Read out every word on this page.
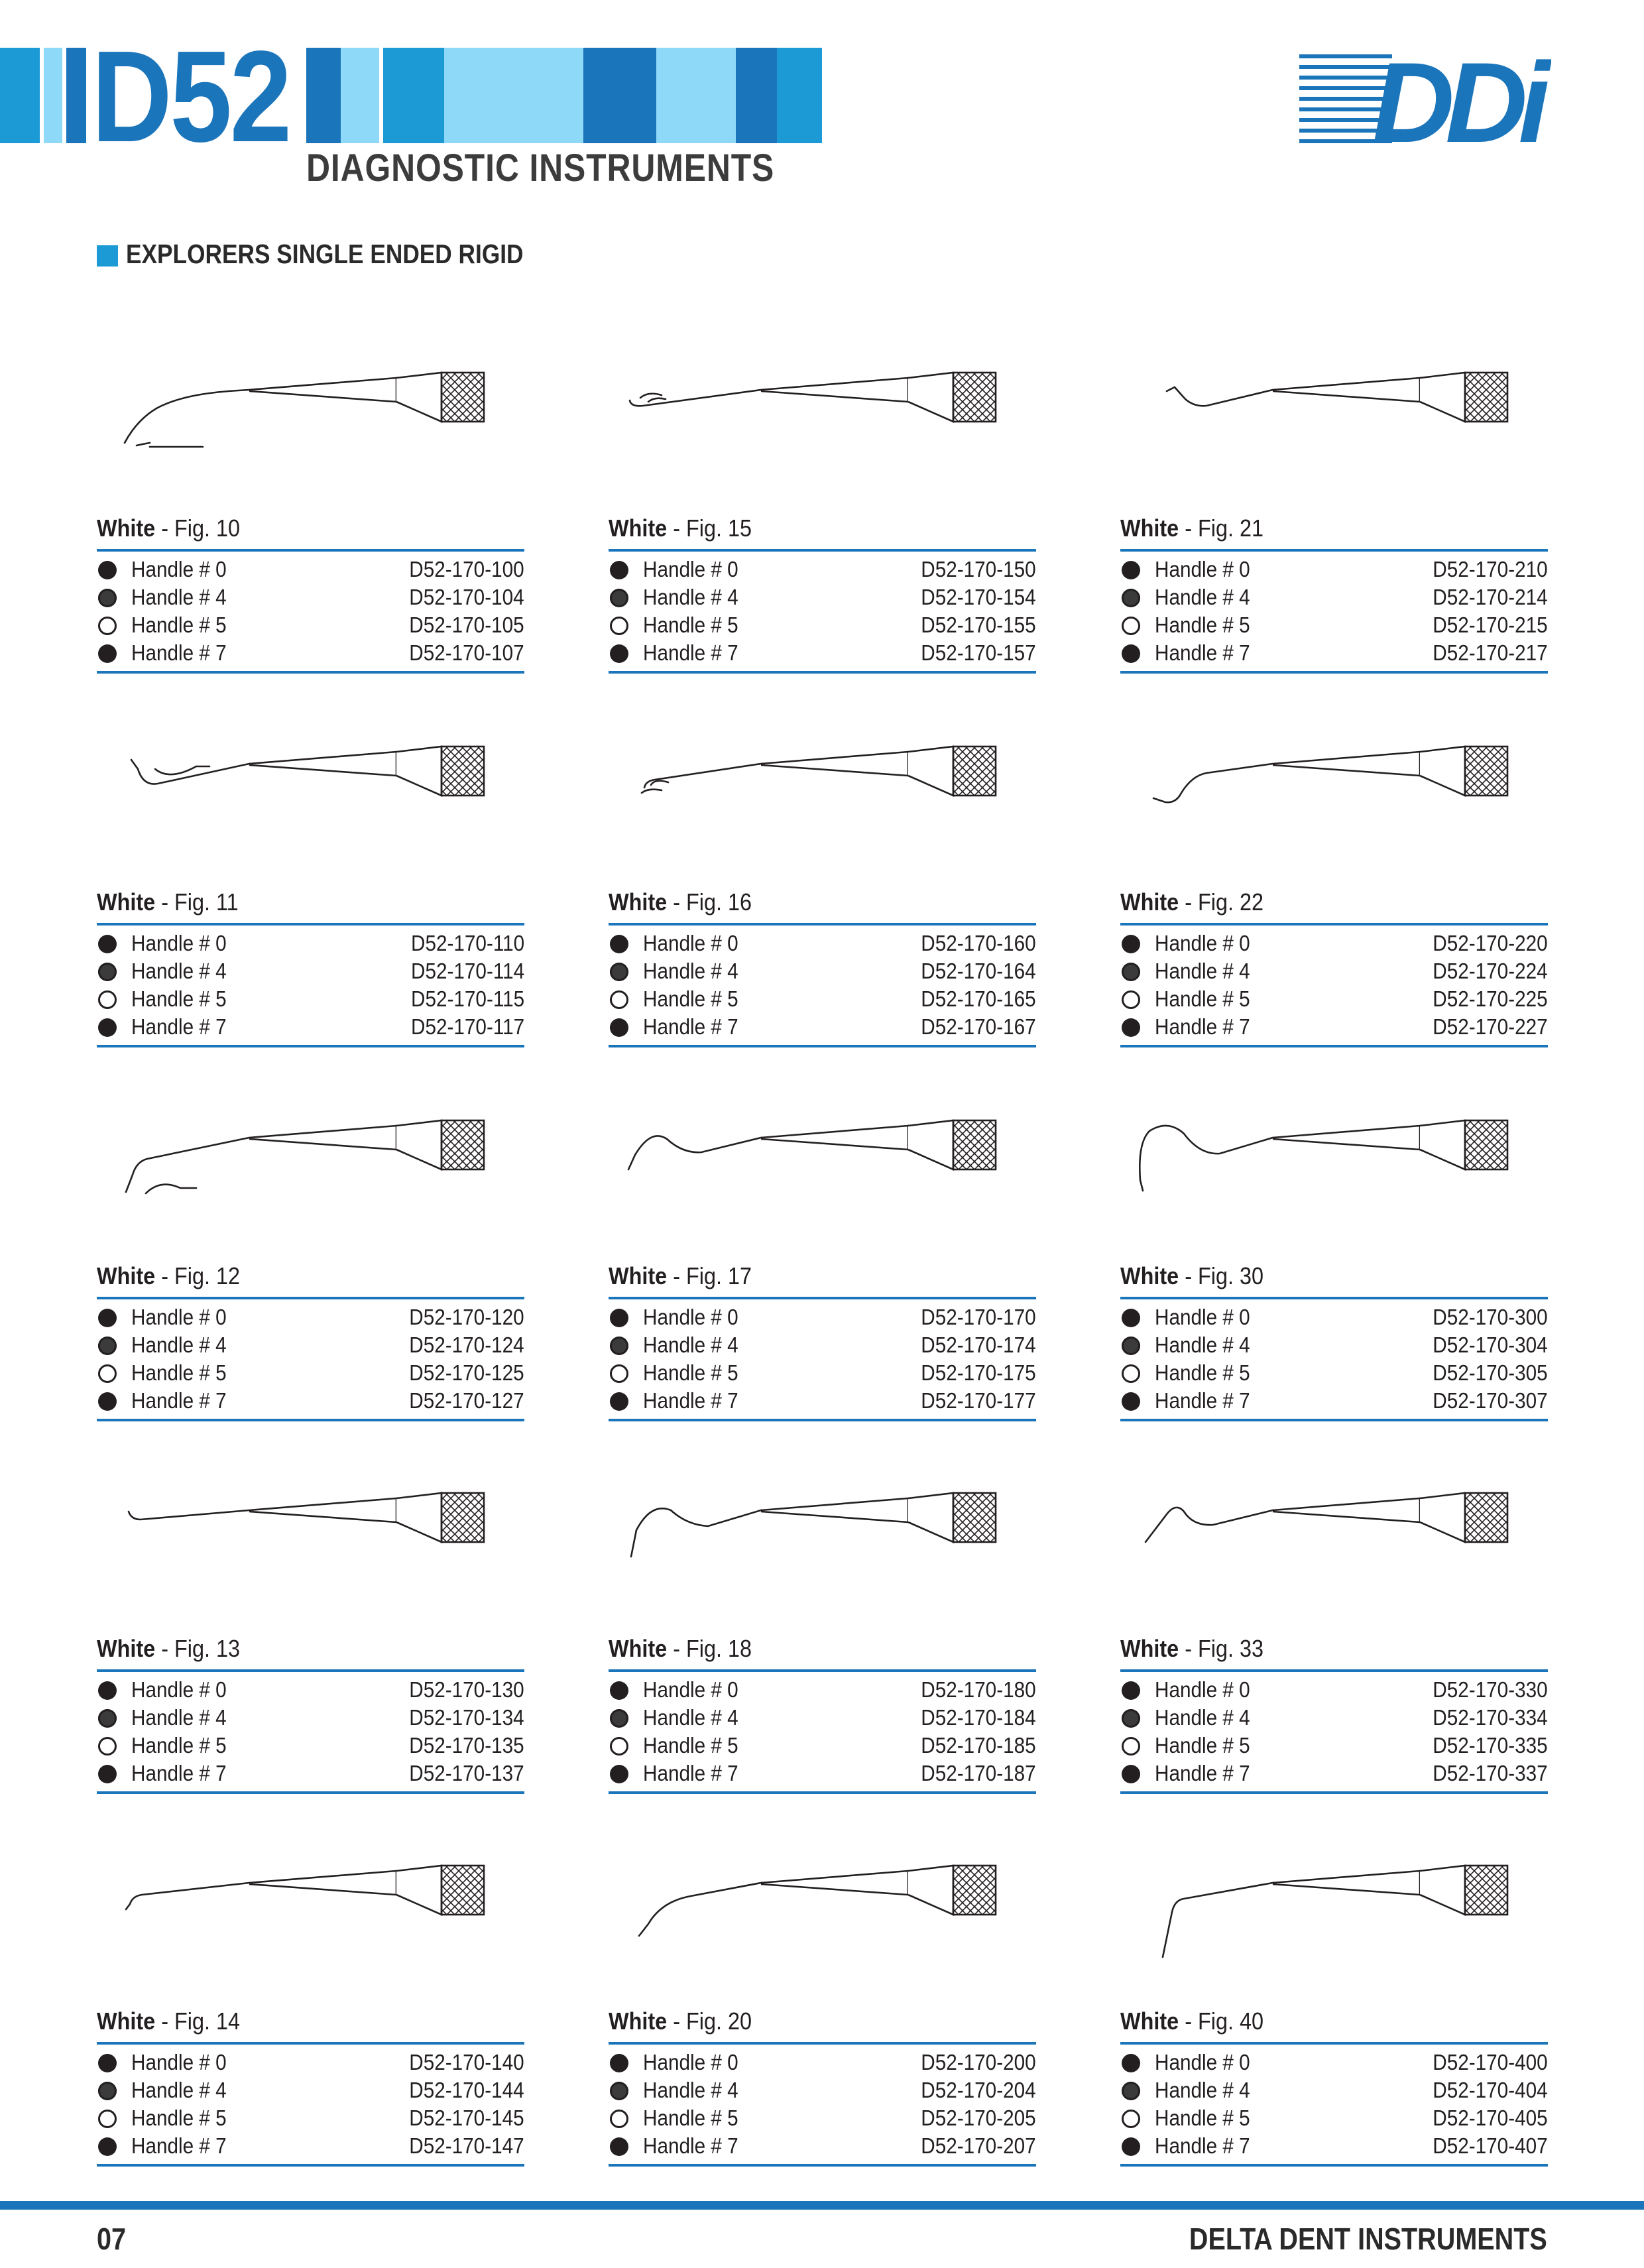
D52 DIAGNOSTIC INSTRUMENTS
DDi
EXPLORERS SINGLE ENDED RIGID
White - Fig. 10
Handle # 0	D52-170-100
Handle # 4	D52-170-104
Handle # 5	D52-170-105
Handle # 7	D52-170-107
White - Fig. 15
Handle # 0	D52-170-150
Handle # 4	D52-170-154
Handle # 5	D52-170-155
Handle # 7	D52-170-157
White - Fig. 21
Handle # 0	D52-170-210
Handle # 4	D52-170-214
Handle # 5	D52-170-215
Handle # 7	D52-170-217
White - Fig. 11
Handle # 0	D52-170-110
Handle # 4	D52-170-114
Handle # 5	D52-170-115
Handle # 7	D52-170-117
White - Fig. 16
Handle # 0	D52-170-160
Handle # 4	D52-170-164
Handle # 5	D52-170-165
Handle # 7	D52-170-167
White - Fig. 22
Handle # 0	D52-170-220
Handle # 4	D52-170-224
Handle # 5	D52-170-225
Handle # 7	D52-170-227
White - Fig. 12
Handle # 0	D52-170-120
Handle # 4	D52-170-124
Handle # 5	D52-170-125
Handle # 7	D52-170-127
White - Fig. 17
Handle # 0	D52-170-170
Handle # 4	D52-170-174
Handle # 5	D52-170-175
Handle # 7	D52-170-177
White - Fig. 30
Handle # 0	D52-170-300
Handle # 4	D52-170-304
Handle # 5	D52-170-305
Handle # 7	D52-170-307
White - Fig. 13
Handle # 0	D52-170-130
Handle # 4	D52-170-134
Handle # 5	D52-170-135
Handle # 7	D52-170-137
White - Fig. 18
Handle # 0	D52-170-180
Handle # 4	D52-170-184
Handle # 5	D52-170-185
Handle # 7	D52-170-187
White - Fig. 33
Handle # 0	D52-170-330
Handle # 4	D52-170-334
Handle # 5	D52-170-335
Handle # 7	D52-170-337
White - Fig. 14
Handle # 0	D52-170-140
Handle # 4	D52-170-144
Handle # 5	D52-170-145
Handle # 7	D52-170-147
White - Fig. 20
Handle # 0	D52-170-200
Handle # 4	D52-170-204
Handle # 5	D52-170-205
Handle # 7	D52-170-207
White - Fig. 40
Handle # 0	D52-170-400
Handle # 4	D52-170-404
Handle # 5	D52-170-405
Handle # 7	D52-170-407
07	DELTA DENT INSTRUMENTS
